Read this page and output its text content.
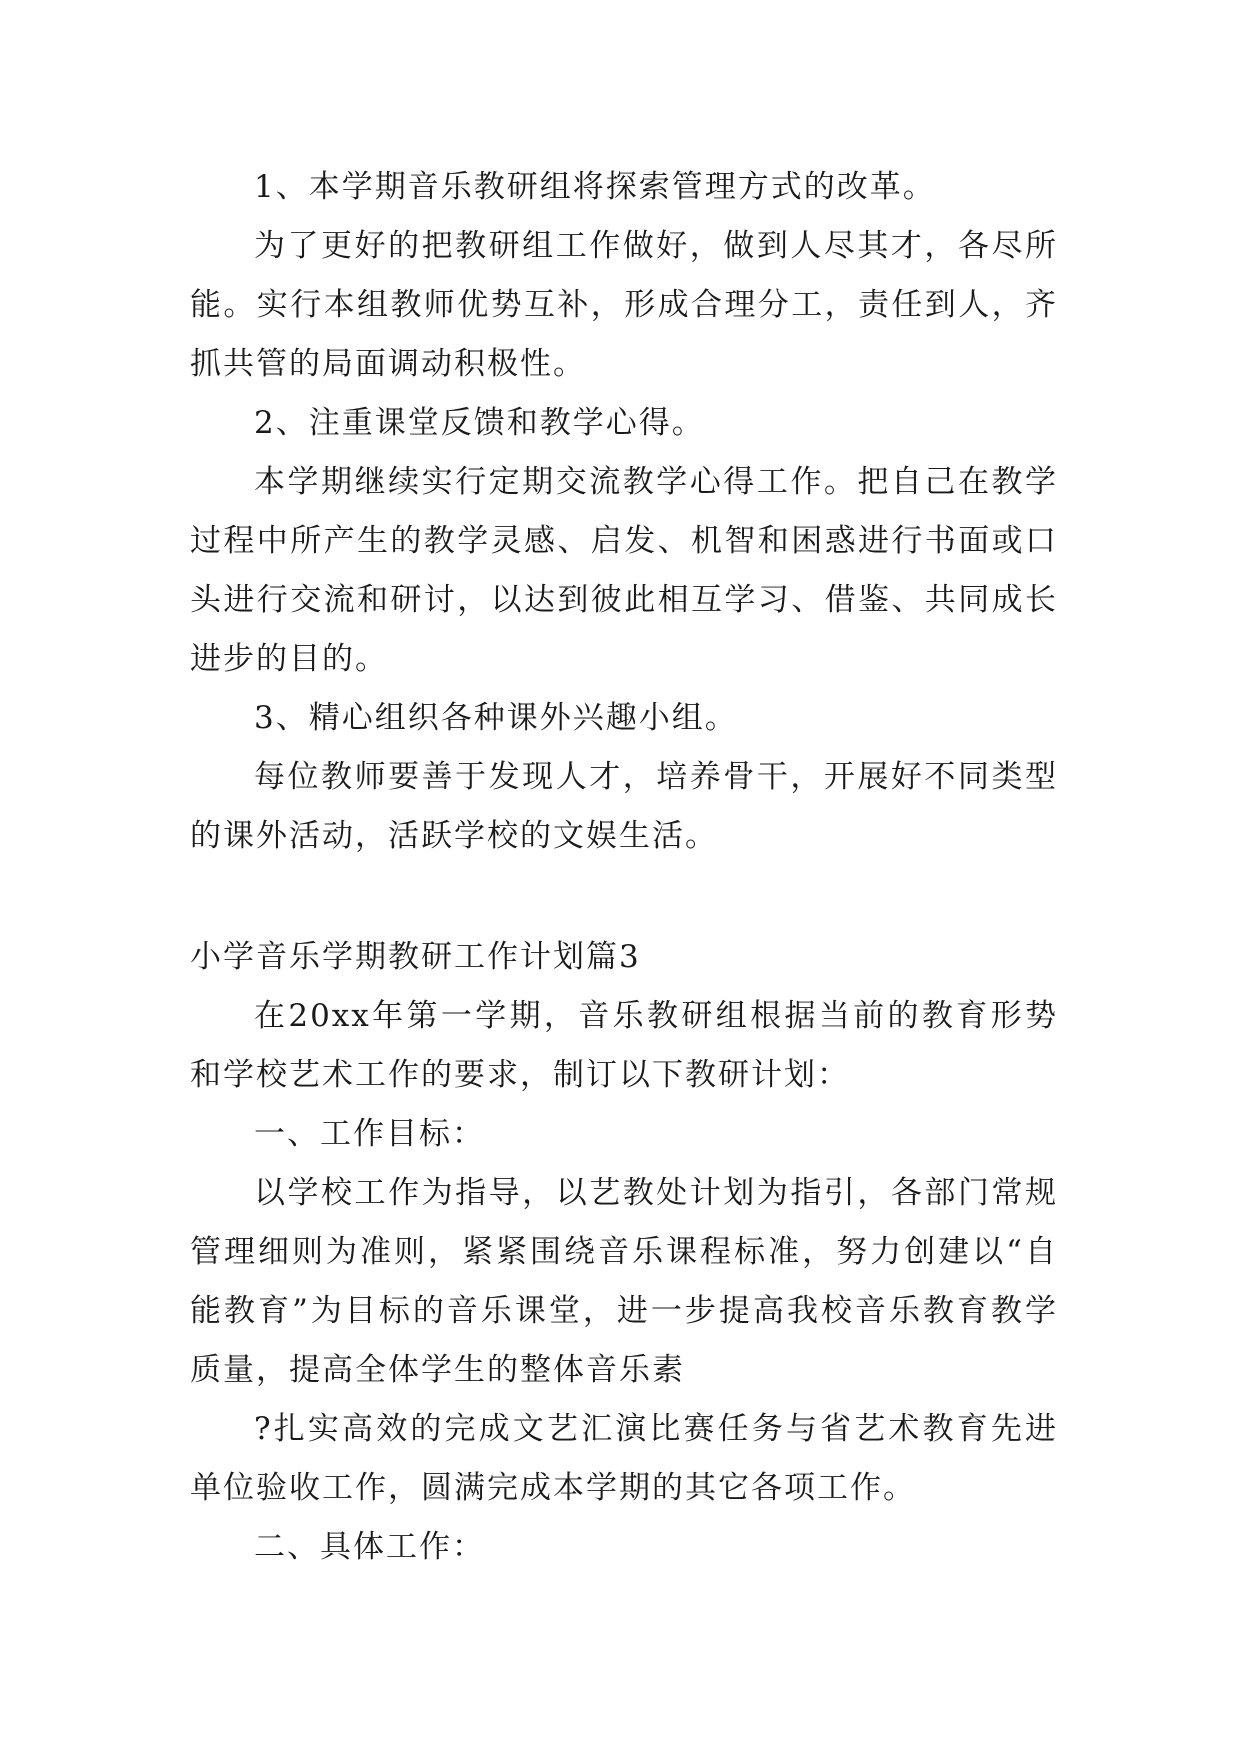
1、本学期音乐教研组将探索管理方式的改革。

为了更好的把教研组工作做好，做到人尽其才，各尽所能。实行本组教师优势互补，形成合理分工，责任到人，齐抓共管的局面调动积极性。

2、注重课堂反馈和教学心得。

本学期继续实行定期交流教学心得工作。把自己在教学过程中所产生的教学灵感、启发、机智和困惑进行书面或口头进行交流和研讨，以达到彼此相互学习、借鉴、共同成长进步的目的。

3、精心组织各种课外兴趣小组。

每位教师要善于发现人才，培养骨干，开展好不同类型的课外活动，活跃学校的文娱生活。

小学音乐学期教研工作计划篇3

在20xx年第一学期，音乐教研组根据当前的教育形势和学校艺术工作的要求，制订以下教研计划：

一、工作目标：

以学校工作为指导，以艺教处计划为指引，各部门常规管理细则为准则，紧紧围绕音乐课程标准，努力创建以“自能教育”为目标的音乐课堂，进一步提高我校音乐教育教学质量，提高全体学生的整体音乐素

?扎实高效的完成文艺汇演比赛任务与省艺术教育先进单位验收工作，圆满完成本学期的其它各项工作。

二、具体工作：
